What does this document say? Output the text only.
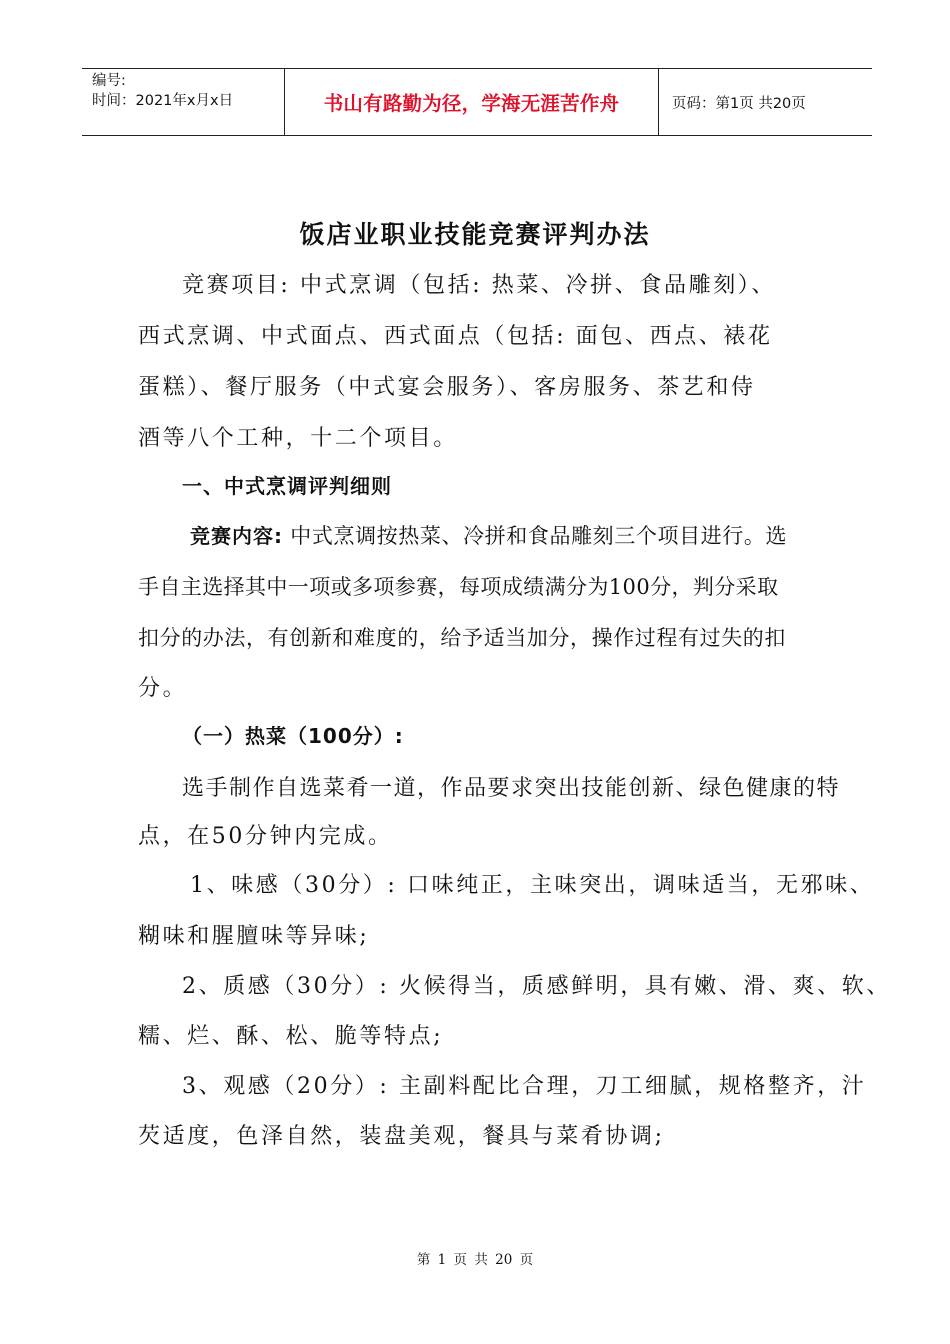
编号:
时间：2021年x月x日	书山有路勤为径，学海无涯苦作舟	页码：第1页 共20页
饭店业职业技能竞赛评判办法
竞赛项目: 中式烹调（包括: 热菜、冷拼、食品雕刻）、
西式烹调、中式面点、西式面点（包括: 面包、西点、裱花
蛋糕）、餐厅服务（中式宴会服务）、客房服务、茶艺和侍
酒等八个工种，十二个项目。
一、中式烹调评判细则
竞赛内容: 中式烹调按热菜、冷拼和食品雕刻三个项目进行。选
手自主选择其中一项或多项参赛，每项成绩满分为100分，判分采取
扣分的办法，有创新和难度的，给予适当加分，操作过程有过失的扣
分。
（一）热菜（100分）:
选手制作自选菜肴一道，作品要求突出技能创新、绿色健康的特
点，在50分钟内完成。
1、味感（30分）: 口味纯正，主味突出，调味适当，无邪味、
糊味和腥膻味等异味;
2、质感（30分）: 火候得当，质感鲜明，具有嫩、滑、爽、软、
糯、烂、酥、松、脆等特点;
3、观感（20分）: 主副料配比合理，刀工细腻，规格整齐，汁
芡适度，色泽自然，装盘美观，餐具与菜肴协调;
第 1 页 共 20 页
